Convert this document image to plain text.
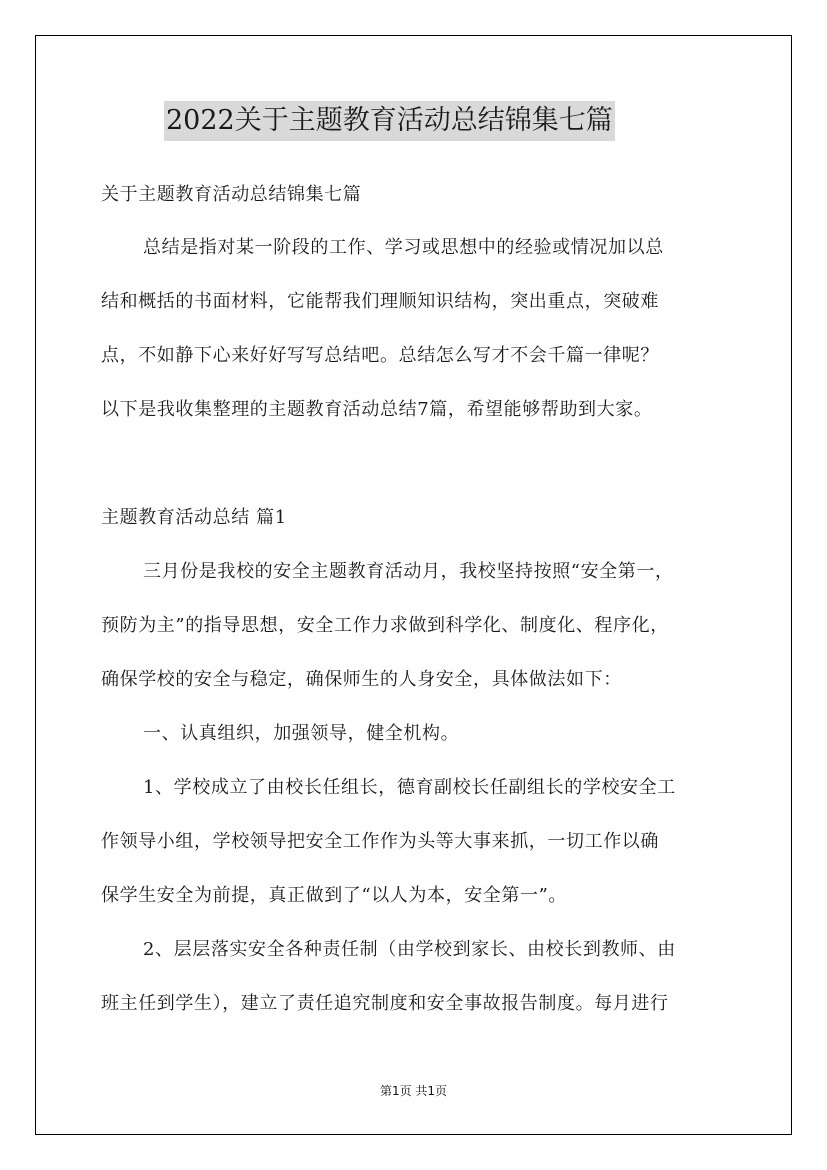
2022关于主题教育活动总结锦集七篇
关于主题教育活动总结锦集七篇
总结是指对某一阶段的工作、学习或思想中的经验或情况加以总
结和概括的书面材料，它能帮我们理顺知识结构，突出重点，突破难
点，不如静下心来好好写写总结吧。总结怎么写才不会千篇一律呢？
以下是我收集整理的主题教育活动总结7篇，希望能够帮助到大家。
主题教育活动总结 篇1
三月份是我校的安全主题教育活动月，我校坚持按照“安全第一，
预防为主”的指导思想，安全工作力求做到科学化、制度化、程序化，
确保学校的安全与稳定，确保师生的人身安全，具体做法如下：
一、认真组织，加强领导，健全机构。
1、学校成立了由校长任组长，德育副校长任副组长的学校安全工
作领导小组，学校领导把安全工作作为头等大事来抓，一切工作以确
保学生安全为前提，真正做到了“以人为本，安全第一”。
2、层层落实安全各种责任制（由学校到家长、由校长到教师、由
班主任到学生），建立了责任追究制度和安全事故报告制度。每月进行
第1页 共1页
